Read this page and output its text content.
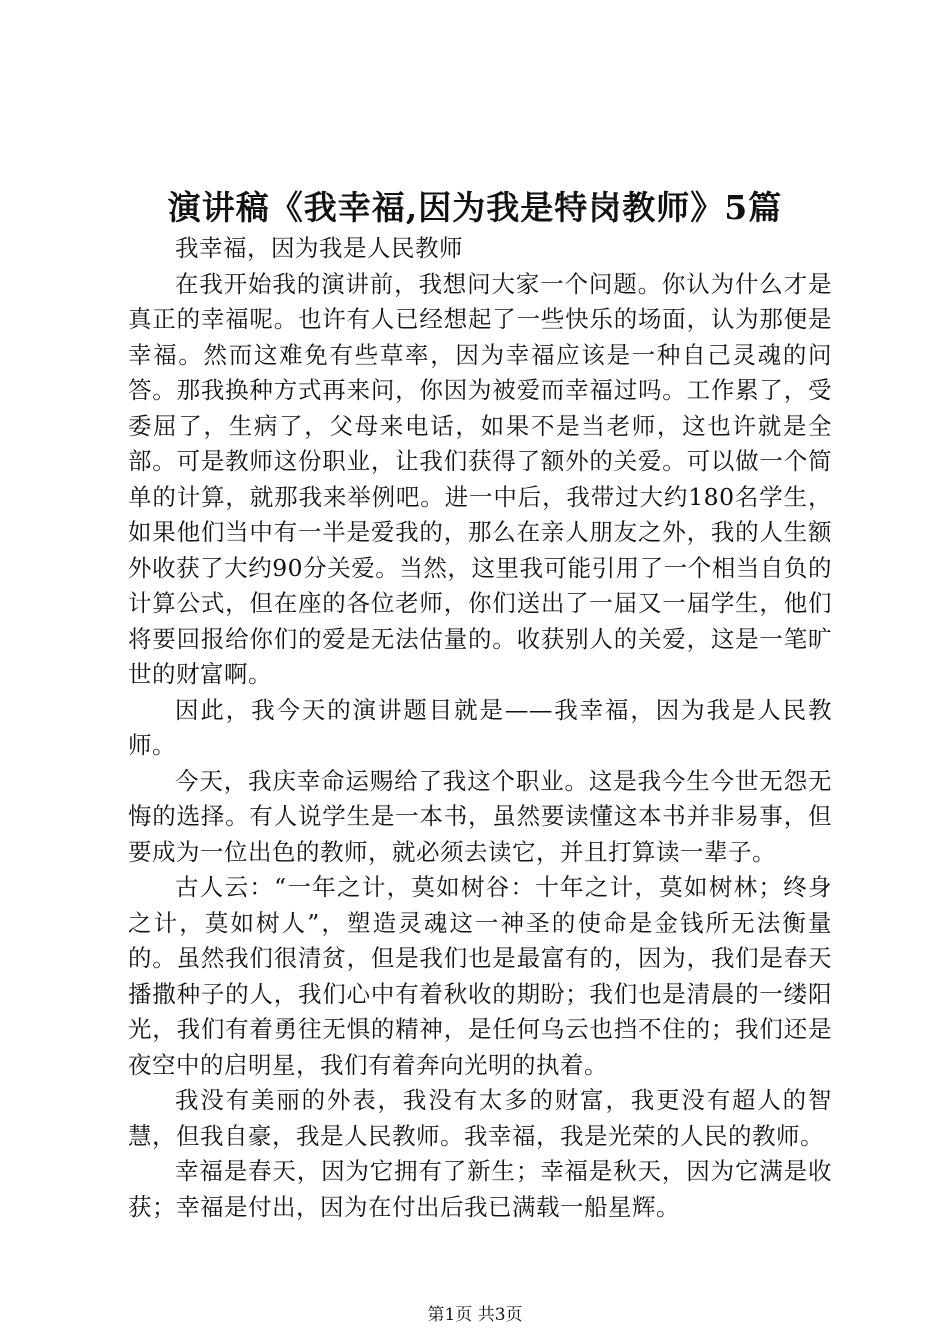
演讲稿《我幸福,因为我是特岗教师》5篇

我幸福，因为我是人民教师

在我开始我的演讲前，我想问大家一个问题。你认为什么才是真正的幸福呢。也许有人已经想起了一些快乐的场面，认为那便是幸福。然而这难免有些草率，因为幸福应该是一种自己灵魂的问答。那我换种方式再来问，你因为被爱而幸福过吗。工作累了，受委屈了，生病了，父母来电话，如果不是当老师，这也许就是全部。可是教师这份职业，让我们获得了额外的关爱。可以做一个简单的计算，就那我来举例吧。进一中后，我带过大约180名学生，如果他们当中有一半是爱我的，那么在亲人朋友之外，我的人生额外收获了大约90分关爱。当然，这里我可能引用了一个相当自负的计算公式，但在座的各位老师，你们送出了一届又一届学生，他们将要回报给你们的爱是无法估量的。收获别人的关爱，这是一笔旷世的财富啊。

因此，我今天的演讲题目就是——我幸福，因为我是人民教师。

今天，我庆幸命运赐给了我这个职业。这是我今生今世无怨无悔的选择。有人说学生是一本书，虽然要读懂这本书并非易事，但要成为一位出色的教师，就必须去读它，并且打算读一辈子。

古人云：“一年之计，莫如树谷：十年之计，莫如树林；终身之计，莫如树人”，塑造灵魂这一神圣的使命是金钱所无法衡量的。虽然我们很清贫，但是我们也是最富有的，因为，我们是春天播撒种子的人，我们心中有着秋收的期盼；我们也是清晨的一缕阳光，我们有着勇往无惧的精神，是任何乌云也挡不住的；我们还是夜空中的启明星，我们有着奔向光明的执着。

我没有美丽的外表，我没有太多的财富，我更没有超人的智慧，但我自豪，我是人民教师。我幸福，我是光荣的人民的教师。

幸福是春天，因为它拥有了新生；幸福是秋天，因为它满是收获；幸福是付出，因为在付出后我已满载一船星辉。

第1页 共3页
